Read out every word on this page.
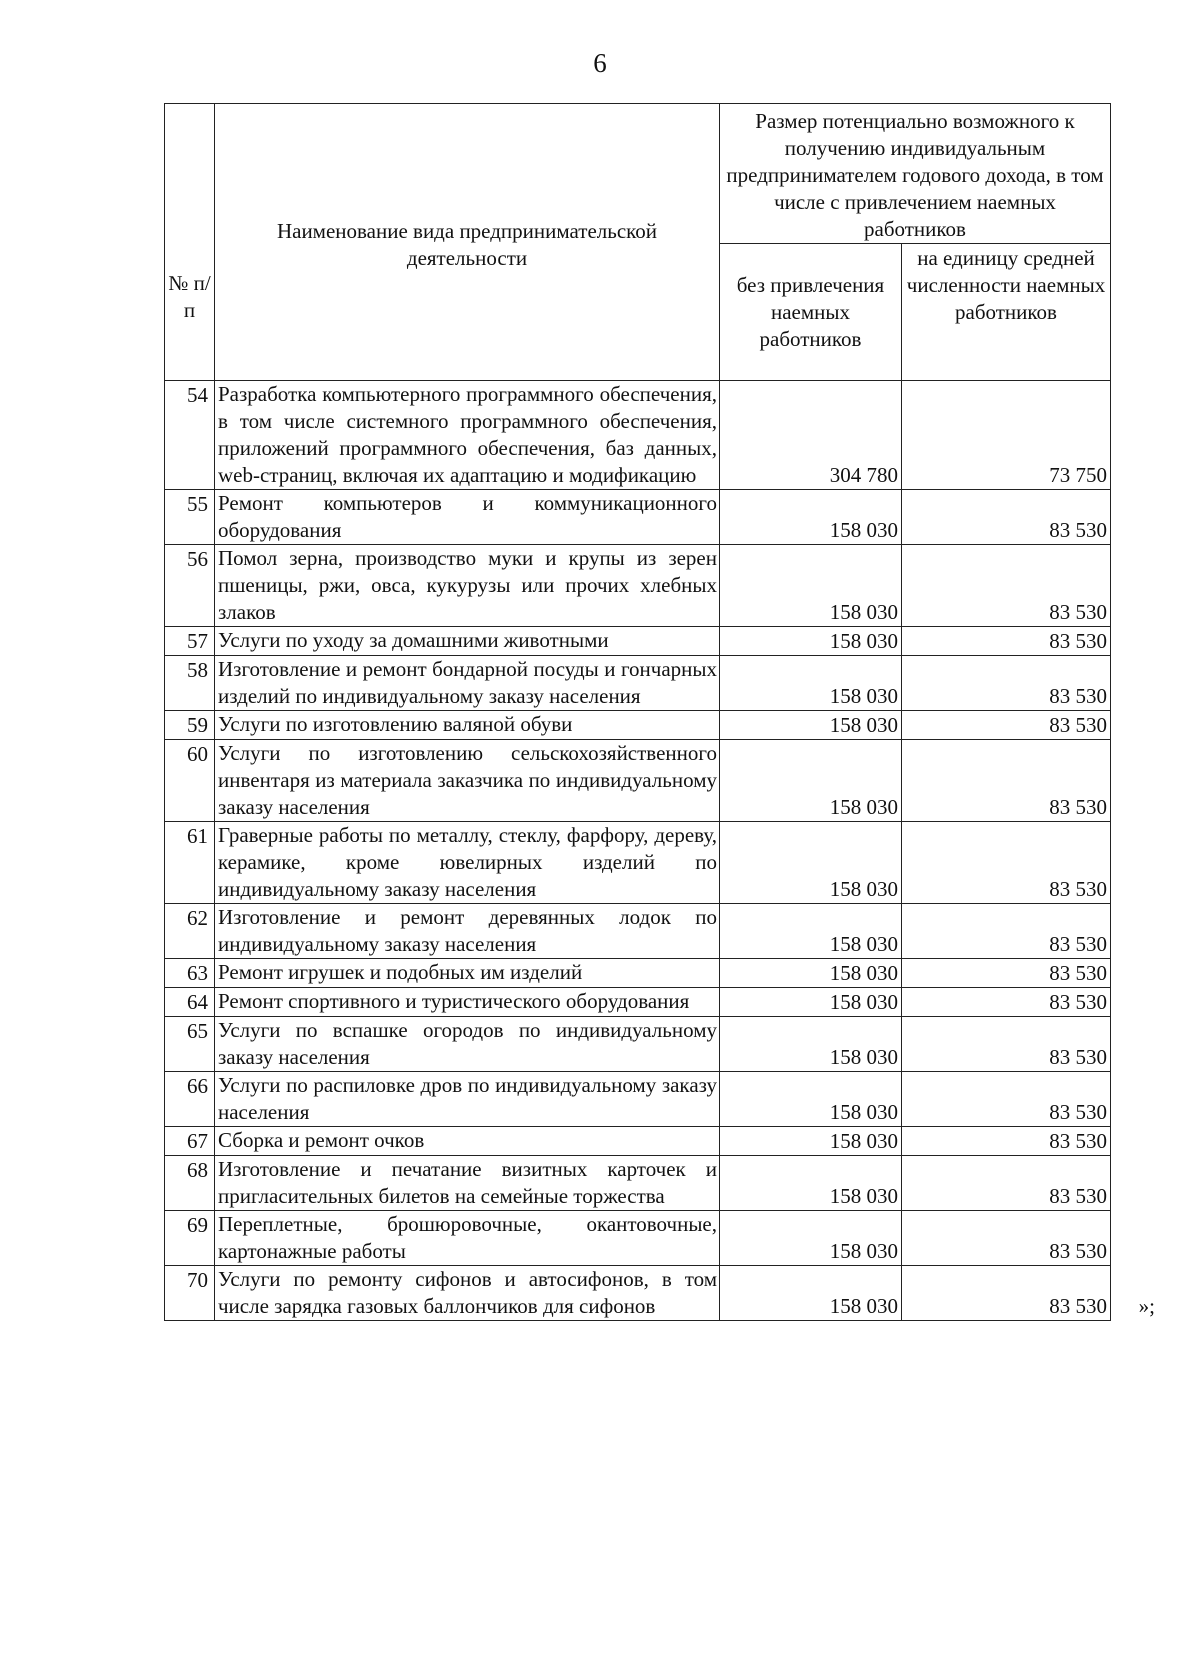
6
№ п/п	Наименование вида предпринимательской деятельности	Размер потенциально возможного к получению индивидуальным предпринимателем годового дохода, в том числе с привлечением наемных работников	
		без привлечения наемных работников	на единицу средней численности наемных работников
54	Разработка компьютерного программного обеспечения, в том числе системного программного обеспечения, приложений программного обеспечения, баз данных, web-страниц, включая их адаптацию и модификацию	304 780	73 750
55	Ремонт компьютеров и коммуникационного оборудования	158 030	83 530
56	Помол зерна, производство муки и крупы из зерен пшеницы, ржи, овса, кукурузы или прочих хлебных злаков	158 030	83 530
57	Услуги по уходу за домашними животными	158 030	83 530
58	Изготовление и ремонт бондарной посуды и гончарных изделий по индивидуальному заказу населения	158 030	83 530
59	Услуги по изготовлению валяной обуви	158 030	83 530
60	Услуги по изготовлению сельскохозяйственного инвентаря из материала заказчика по индивидуальному заказу населения	158 030	83 530
61	Граверные работы по металлу, стеклу, фарфору, дереву, керамике, кроме ювелирных изделий по индивидуальному заказу населения	158 030	83 530
62	Изготовление и ремонт деревянных лодок по индивидуальному заказу населения	158 030	83 530
63	Ремонт игрушек и подобных им изделий	158 030	83 530
64	Ремонт спортивного и туристического оборудования	158 030	83 530
65	Услуги по вспашке огородов по индивидуальному заказу населения	158 030	83 530
66	Услуги по распиловке дров по индивидуальному заказу населения	158 030	83 530
67	Сборка и ремонт очков	158 030	83 530
68	Изготовление и печатание визитных карточек и пригласительных билетов на семейные торжества	158 030	83 530
69	Переплетные, брошюровочные, окантовочные, картонажные работы	158 030	83 530
70	Услуги по ремонту сифонов и автосифонов, в том числе зарядка газовых баллончиков для сифонов	158 030	83 530 »;
